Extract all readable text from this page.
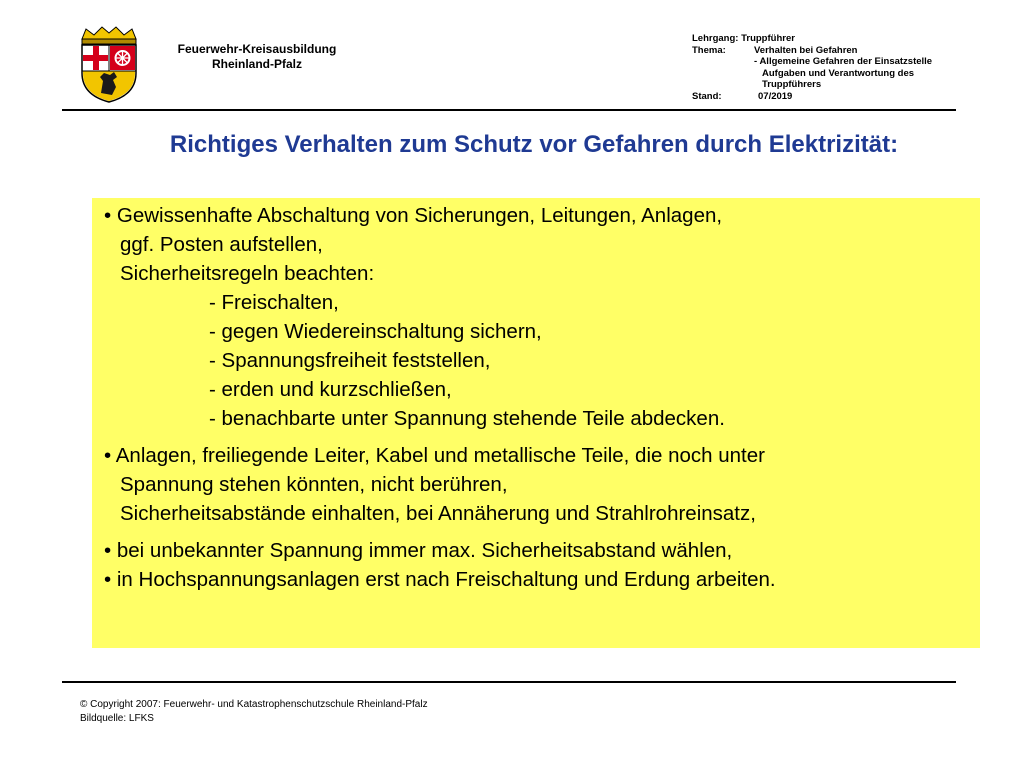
Feuerwehr-Kreisausbildung
Rheinland-Pfalz
Lehrgang: Truppführer
Thema:	Verhalten bei Gefahren
- Allgemeine Gefahren der Einsatzstelle
Aufgaben und Verantwortung des
Truppführers
Stand:	07/2019
Richtiges Verhalten zum Schutz vor Gefahren durch Elektrizität:
• Gewissenhafte Abschaltung von Sicherungen, Leitungen, Anlagen,
ggf. Posten aufstellen,
Sicherheitsregeln beachten:
- Freischalten,
- gegen Wiedereinschaltung sichern,
- Spannungsfreiheit feststellen,
- erden und kurzschließen,
- benachbarte unter Spannung stehende Teile abdecken.
• Anlagen, freiliegende Leiter, Kabel und metallische Teile, die noch unter
Spannung stehen könnten, nicht berühren,
Sicherheitsabstände einhalten, bei Annäherung und Strahlrohreinsatz,
• bei unbekannter Spannung immer max. Sicherheitsabstand wählen,
• in Hochspannungsanlagen erst nach Freischaltung und Erdung arbeiten.
© Copyright 2007: Feuerwehr- und Katastrophenschutzschule Rheinland-Pfalz
Bildquelle: LFKS
